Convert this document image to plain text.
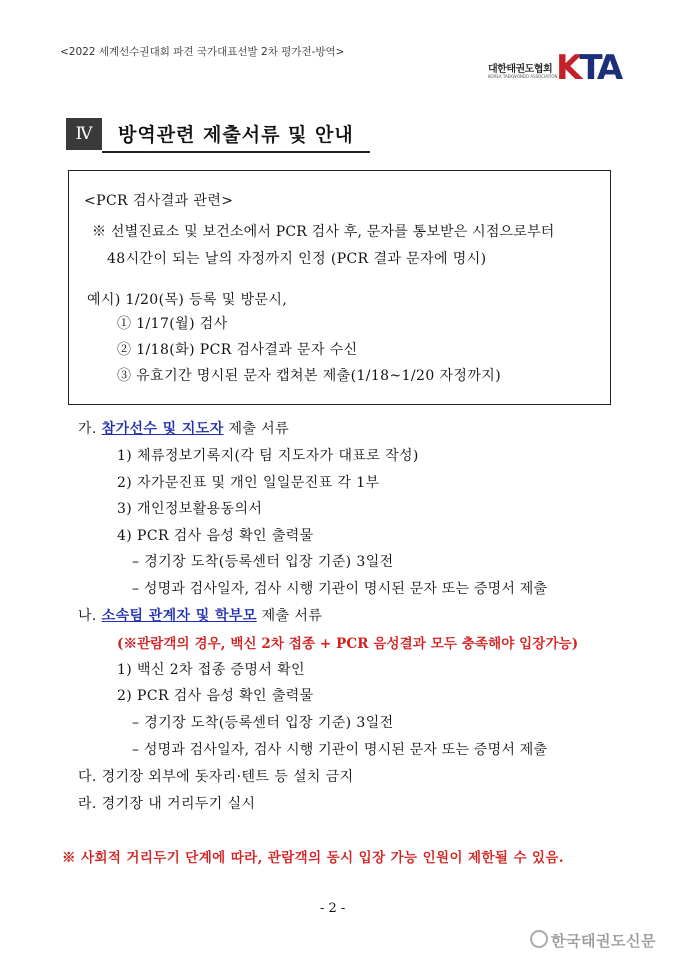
<2022 세계선수권대회 파견 국가대표선발 2차 평가전-방역>
대한태권도협회
KOREA TAEKWONDO ASSOCIATION
KTA
Ⅳ	방역관련 제출서류 및 안내
<PCR 검사결과 관련>
※ 선별진료소 및 보건소에서 PCR 검사 후, 문자를 통보받은 시점으로부터
48시간이 되는 날의 자정까지 인정 (PCR 결과 문자에 명시)
예시) 1/20(목) 등록 및 방문시,
① 1/17(월) 검사
② 1/18(화) PCR 검사결과 문자 수신
③ 유효기간 명시된 문자 캡쳐본 제출(1/18~1/20 자정까지)
가. 참가선수 및 지도자 제출 서류
1) 체류정보기록지(각 팀 지도자가 대표로 작성)
2) 자가문진표 및 개인 일일문진표 각 1부
3) 개인정보활용동의서
4) PCR 검사 음성 확인 출력물
– 경기장 도착(등록센터 입장 기준) 3일전
– 성명과 검사일자, 검사 시행 기관이 명시된 문자 또는 증명서 제출
나. 소속팀 관계자 및 학부모 제출 서류
(※관람객의 경우, 백신 2차 접종 + PCR 음성결과 모두 충족해야 입장가능)
1) 백신 2차 접종 증명서 확인
2) PCR 검사 음성 확인 출력물
– 경기장 도착(등록센터 입장 기준) 3일전
– 성명과 검사일자, 검사 시행 기관이 명시된 문자 또는 증명서 제출
다. 경기장 외부에 돗자리·텐트 등 설치 금지
라. 경기장 내 거리두기 실시
※ 사회적 거리두기 단계에 따라, 관람객의 동시 입장 가능 인원이 제한될 수 있음.
- 2 -
한국태권도신문
